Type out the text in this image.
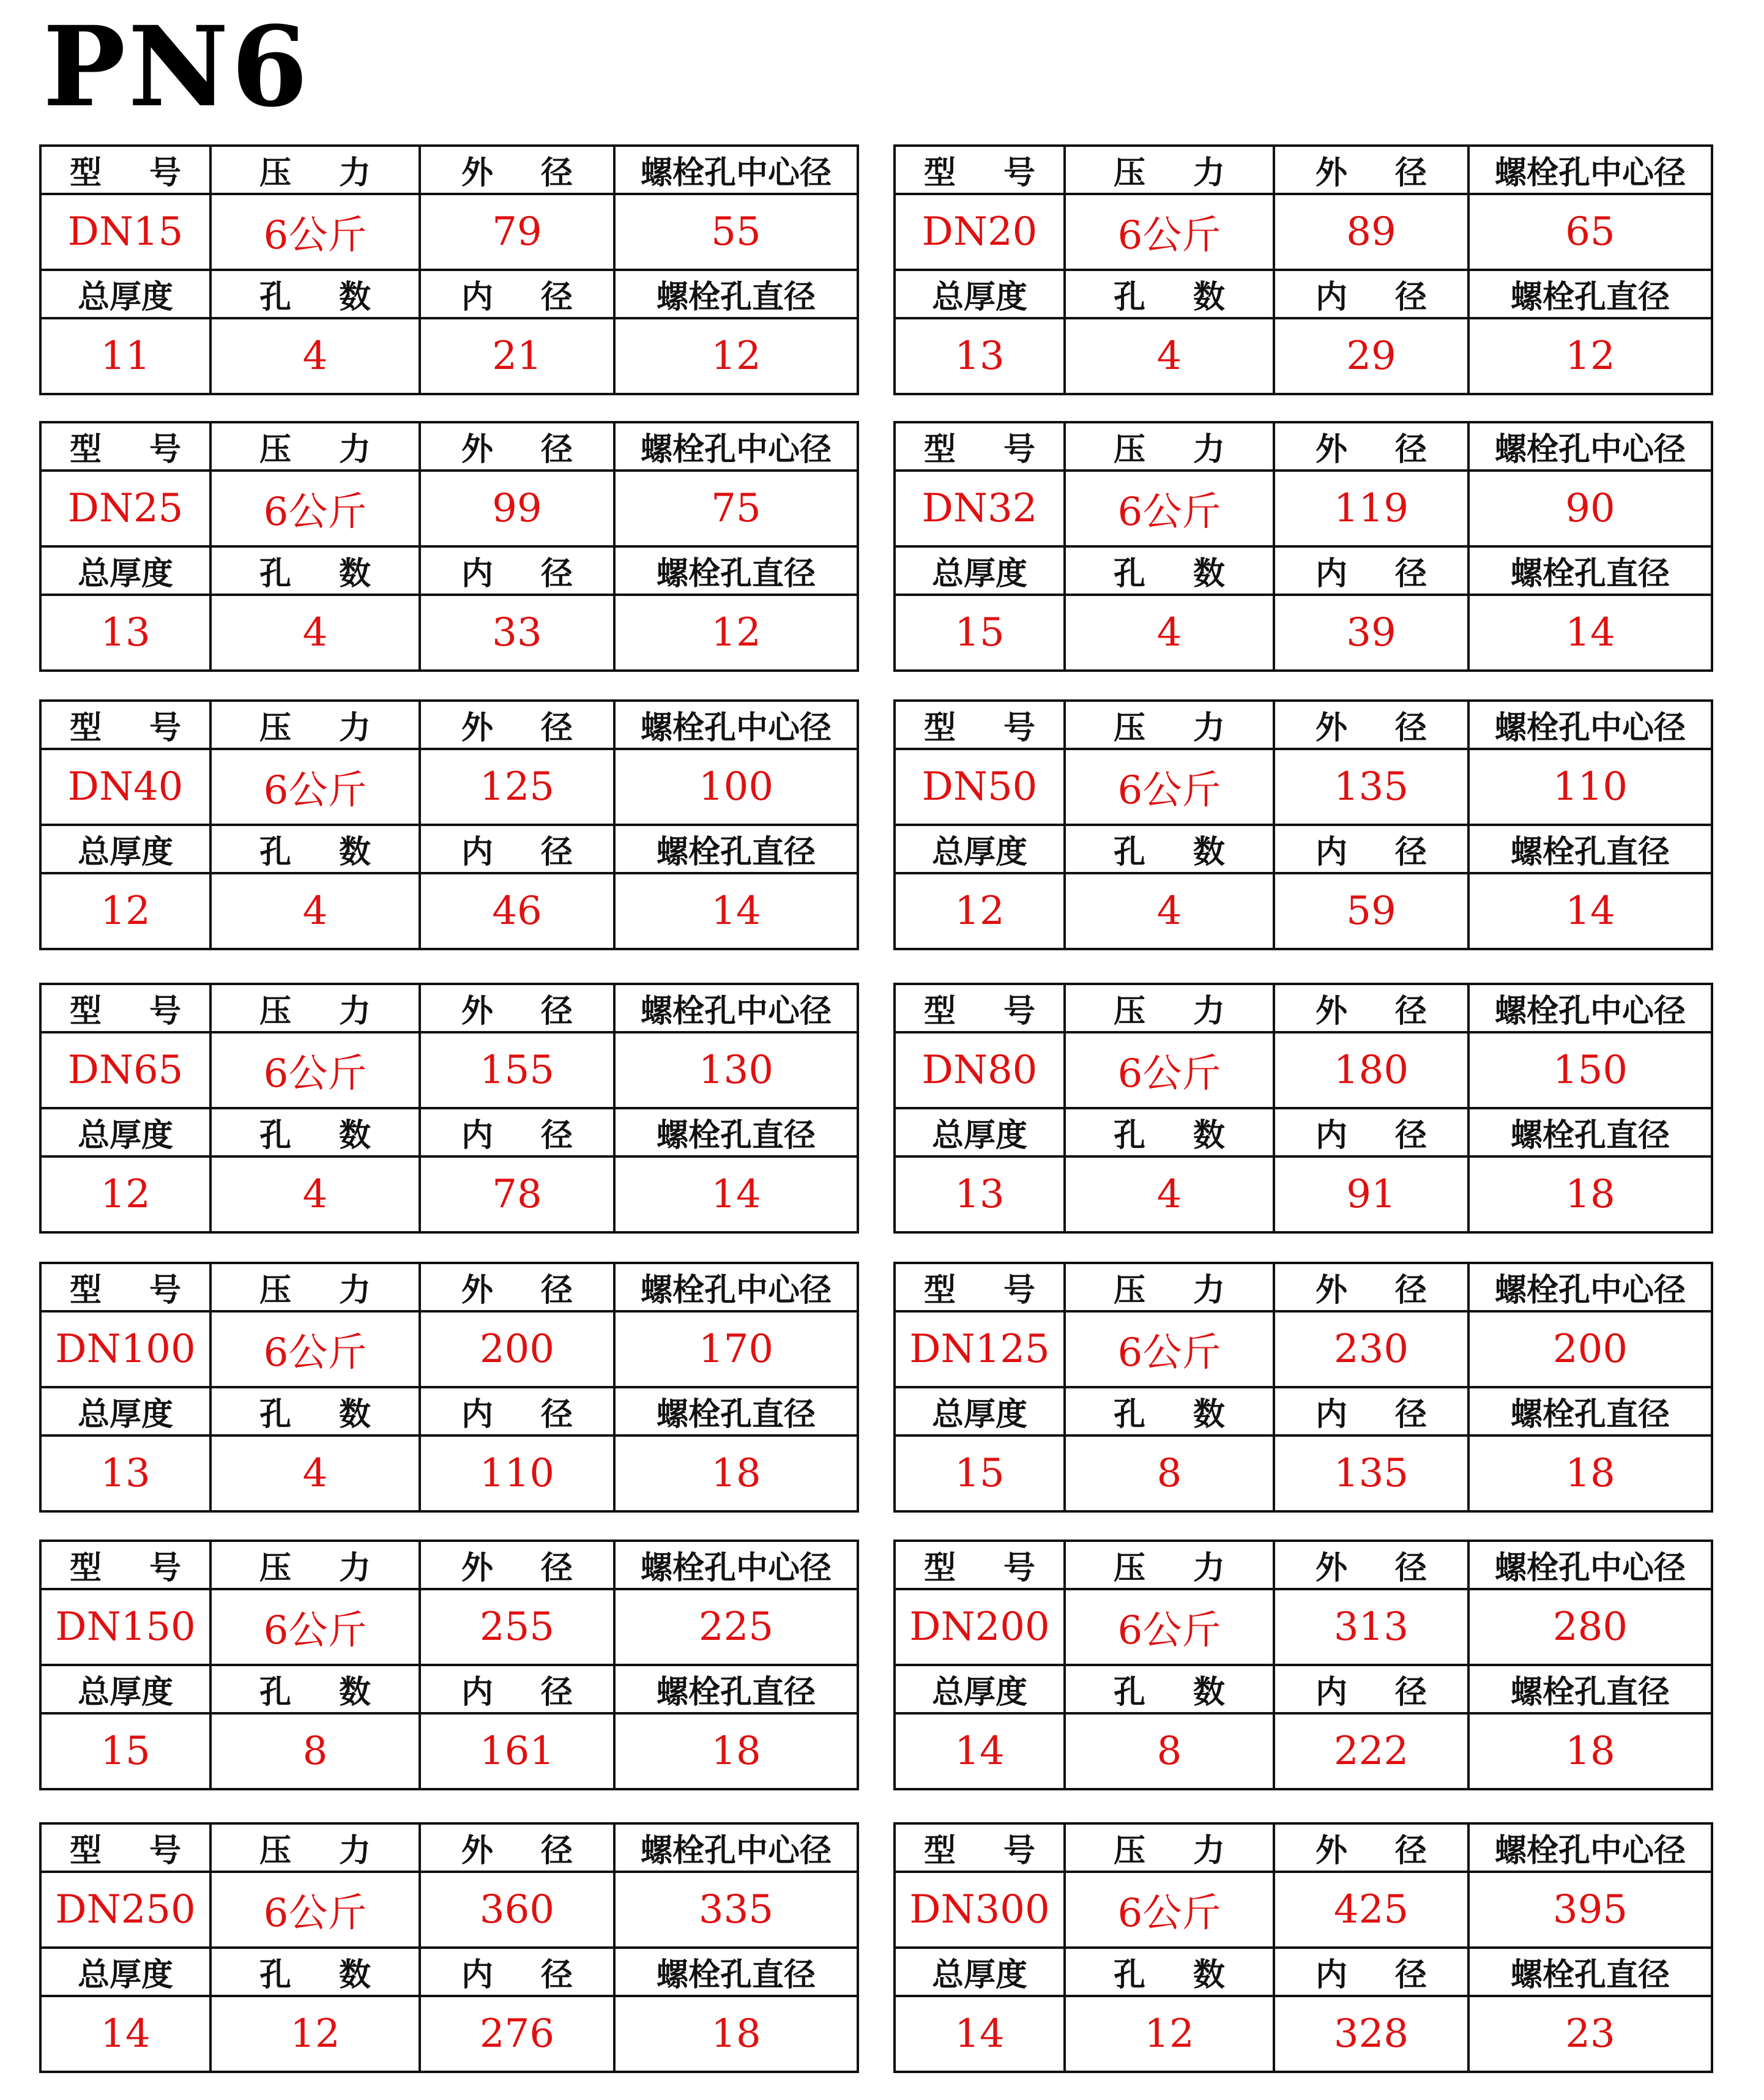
PN6
型 号	压 力	外 径	螺栓孔中心径
DN15	6公斤	79	55
总厚度	孔 数	内 径	螺栓孔直径
11	4	21	12
型 号	压 力	外 径	螺栓孔中心径
DN20	6公斤	89	65
总厚度	孔 数	内 径	螺栓孔直径
13	4	29	12
型 号	压 力	外 径	螺栓孔中心径
DN25	6公斤	99	75
总厚度	孔 数	内 径	螺栓孔直径
13	4	33	12
型 号	压 力	外 径	螺栓孔中心径
DN32	6公斤	119	90
总厚度	孔 数	内 径	螺栓孔直径
15	4	39	14
型 号	压 力	外 径	螺栓孔中心径
DN40	6公斤	125	100
总厚度	孔 数	内 径	螺栓孔直径
12	4	46	14
型 号	压 力	外 径	螺栓孔中心径
DN50	6公斤	135	110
总厚度	孔 数	内 径	螺栓孔直径
12	4	59	14
型 号	压 力	外 径	螺栓孔中心径
DN65	6公斤	155	130
总厚度	孔 数	内 径	螺栓孔直径
12	4	78	14
型 号	压 力	外 径	螺栓孔中心径
DN80	6公斤	180	150
总厚度	孔 数	内 径	螺栓孔直径
13	4	91	18
型 号	压 力	外 径	螺栓孔中心径
DN100	6公斤	200	170
总厚度	孔 数	内 径	螺栓孔直径
13	4	110	18
型 号	压 力	外 径	螺栓孔中心径
DN125	6公斤	230	200
总厚度	孔 数	内 径	螺栓孔直径
15	8	135	18
型 号	压 力	外 径	螺栓孔中心径
DN150	6公斤	255	225
总厚度	孔 数	内 径	螺栓孔直径
15	8	161	18
型 号	压 力	外 径	螺栓孔中心径
DN200	6公斤	313	280
总厚度	孔 数	内 径	螺栓孔直径
14	8	222	18
型 号	压 力	外 径	螺栓孔中心径
DN250	6公斤	360	335
总厚度	孔 数	内 径	螺栓孔直径
14	12	276	18
型 号	压 力	外 径	螺栓孔中心径
DN300	6公斤	425	395
总厚度	孔 数	内 径	螺栓孔直径
14	12	328	23
